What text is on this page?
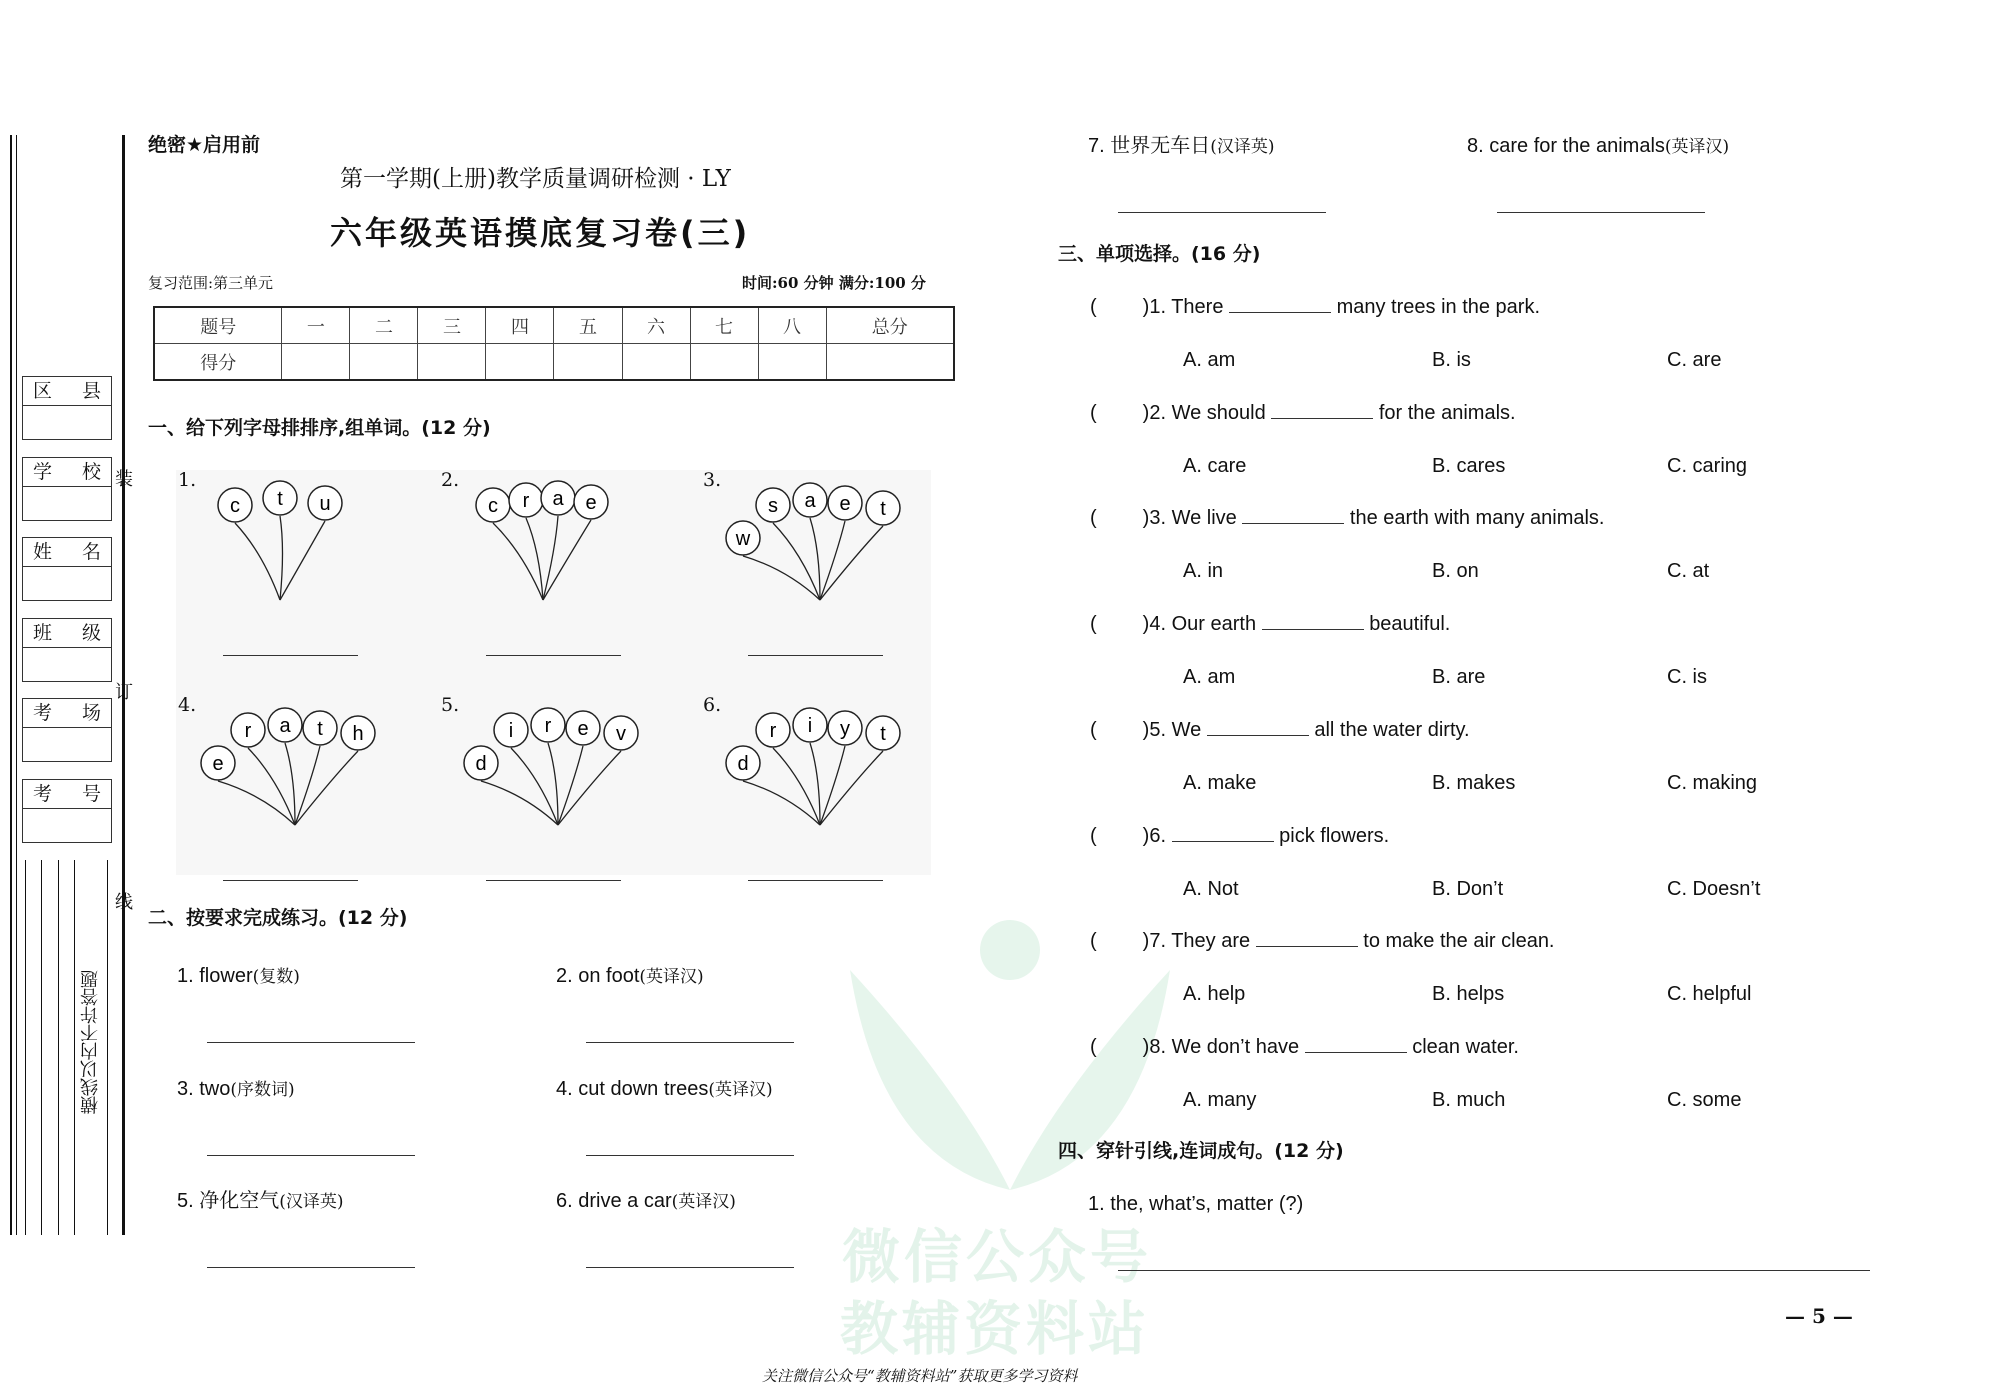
微信公众号
教辅资料站
区 县
学 校
姓 名
班 级
考 场
考 号
装
订
线
横线以内不许答题
绝密★启用前
第一学期(上册)教学质量调研检测 · LY
六年级英语摸底复习卷(三)
复习范围:第三单元	时间:60 分钟 满分:100 分
题号	一	二	三	四	五	六	七	八	总分
得分									
一、给下列字母排排序,组单词。(12 分)
1.
c t u
2.
c r a e
3.
w
s a e t
4.
e
r a t h
5.
d
i r e v
6.
d
r i y t
二、按要求完成练习。(12 分)
1. flower(复数)	2. on foot(英译汉)
3. two(序数词)	4. cut down trees(英译汉)
5. 净化空气(汉译英)	6. drive a car(英译汉)
7. 世界无车日(汉译英)	8. care for the animals(英译汉)
三、单项选择。(16 分)
( )1. There	many trees in the park.
A. am	B. is	C. are
( )2. We should	for the animals.
A. care	B. cares	C. caring
( )3. We live	the earth with many animals.
A. in	B. on	C. at
( )4. Our earth	beautiful.
A. am	B. are	C. is
( )5. We	all the water dirty.
A. make	B. makes	C. making
( )6.	pick flowers.
A. Not	B. Don’t	C. Doesn’t
( )7. They are	to make the air clean.
A. help	B. helps	C. helpful
( )8. We don’t have	clean water.
A. many	B. much	C. some
四、穿针引线,连词成句。(12 分)
1. the, what’s, matter (?)
— 5 —
关注微信公众号“教辅资料站”获取更多学习资料
